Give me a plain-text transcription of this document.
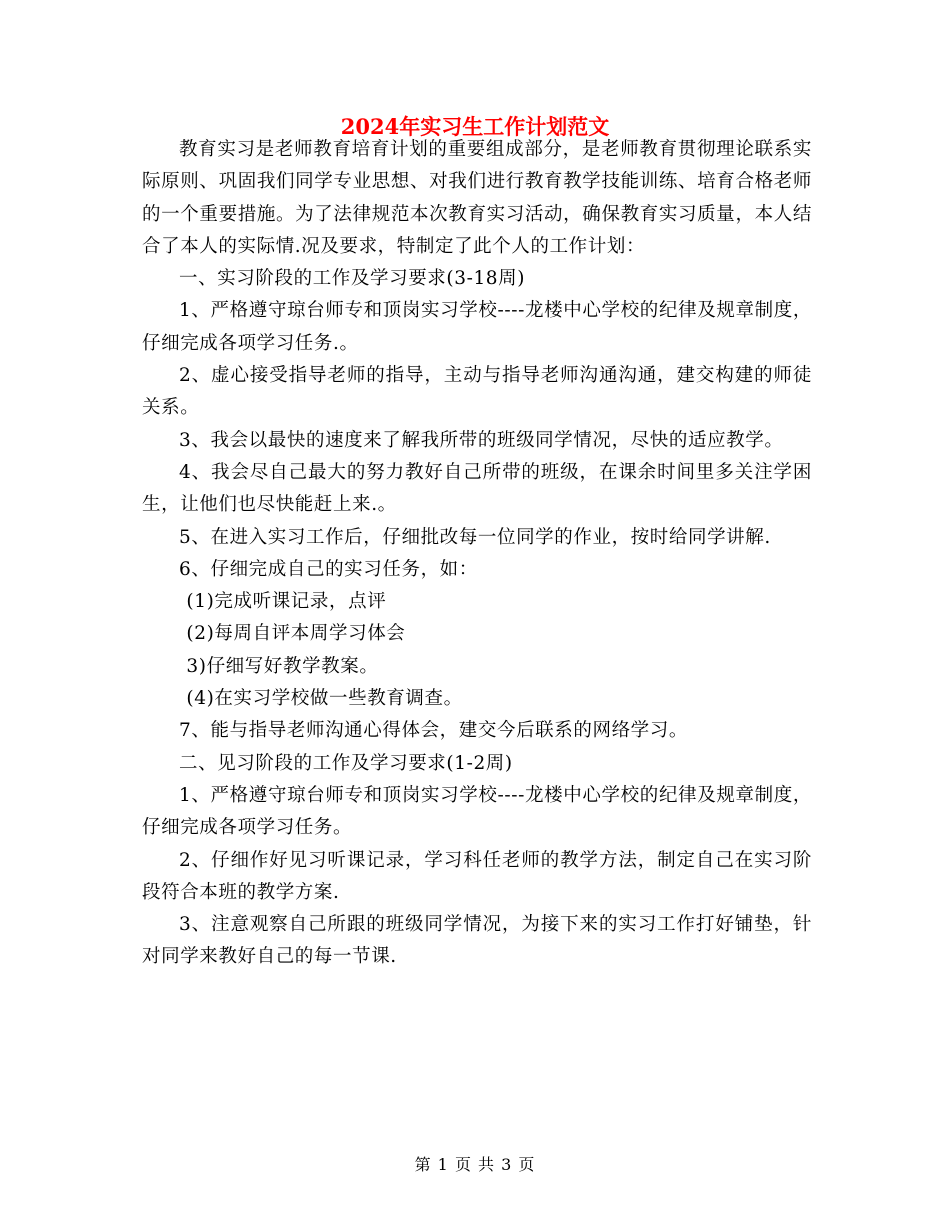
2024年实习生工作计划范文

教育实习是老师教育培育计划的重要组成部分，是老师教育贯彻理论联系实际原则、巩固我们同学专业思想、对我们进行教育教学技能训练、培育合格老师的一个重要措施。为了法律规范本次教育实习活动，确保教育实习质量，本人结合了本人的实际情.况及要求，特制定了此个人的工作计划：

一、实习阶段的工作及学习要求(3-18周)

1、严格遵守琼台师专和顶岗实习学校----龙楼中心学校的纪律及规章制度，仔细完成各项学习任务.。

2、虚心接受指导老师的指导，主动与指导老师沟通沟通，建交构建的师徒关系。

3、我会以最快的速度来了解我所带的班级同学情况，尽快的适应教学。

4、我会尽自己最大的努力教好自己所带的班级，在课余时间里多关注学困生，让他们也尽快能赶上来.。

5、在进入实习工作后，仔细批改每一位同学的作业，按时给同学讲解.

6、仔细完成自己的实习任务，如：

(1)完成听课记录，点评

(2)每周自评本周学习体会

3)仔细写好教学教案。

(4)在实习学校做一些教育调查。

7、能与指导老师沟通心得体会，建交今后联系的网络学习。

二、见习阶段的工作及学习要求(1-2周)

1、严格遵守琼台师专和顶岗实习学校----龙楼中心学校的纪律及规章制度，仔细完成各项学习任务。

2、仔细作好见习听课记录，学习科任老师的教学方法，制定自己在实习阶段符合本班的教学方案.

3、注意观察自己所跟的班级同学情况，为接下来的实习工作打好铺垫，针对同学来教好自己的每一节课.

第 1 页 共 3 页
